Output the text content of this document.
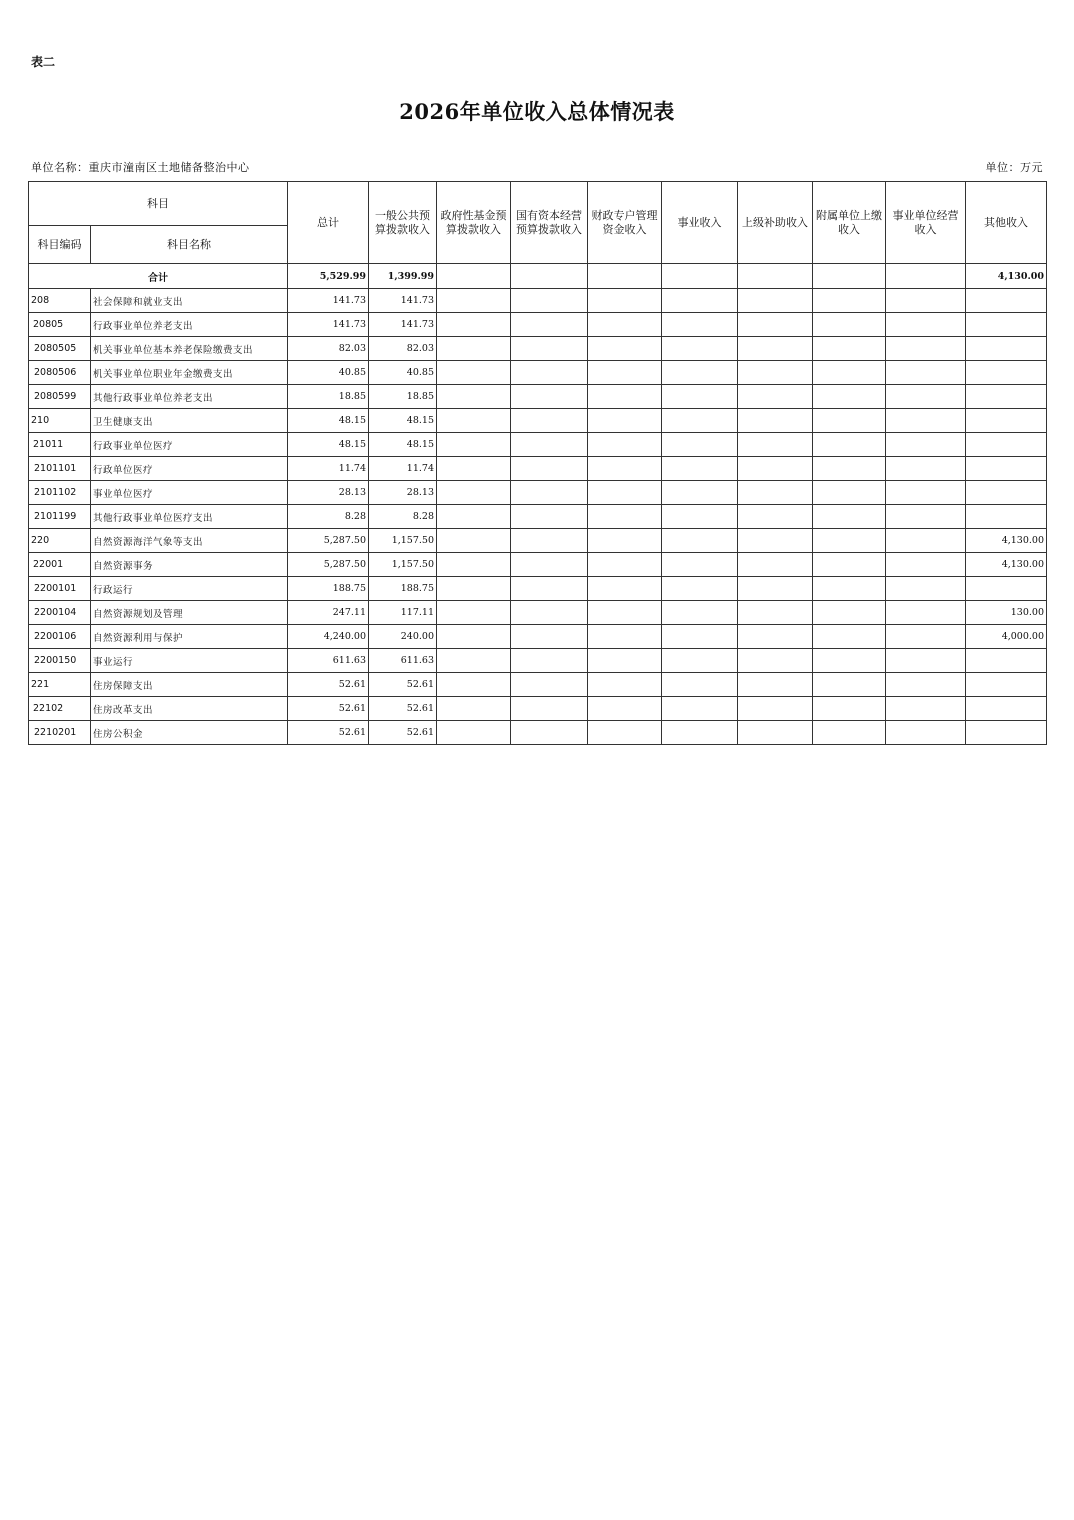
表二
2026年单位收入总体情况表
单位名称：重庆市潼南区土地储备整治中心	单位：万元
科目		总计	一般公共预算拨款收入	政府性基金预算拨款收入	国有资本经营预算拨款收入	财政专户管理资金收入	事业收入	上级补助收入	附属单位上缴收入	事业单位经营收入	其他收入
科目编码	科目名称										
合计		5,529.99	1,399.99								4,130.00
208	社会保障和就业支出	141.73	141.73								
20805	行政事业单位养老支出	141.73	141.73								
2080505	机关事业单位基本养老保险缴费支出	82.03	82.03								
2080506	机关事业单位职业年金缴费支出	40.85	40.85								
2080599	其他行政事业单位养老支出	18.85	18.85								
210	卫生健康支出	48.15	48.15								
21011	行政事业单位医疗	48.15	48.15								
2101101	行政单位医疗	11.74	11.74								
2101102	事业单位医疗	28.13	28.13								
2101199	其他行政事业单位医疗支出	8.28	8.28								
220	自然资源海洋气象等支出	5,287.50	1,157.50								4,130.00
22001	自然资源事务	5,287.50	1,157.50								4,130.00
2200101	行政运行	188.75	188.75								
2200104	自然资源规划及管理	247.11	117.11								130.00
2200106	自然资源利用与保护	4,240.00	240.00								4,000.00
2200150	事业运行	611.63	611.63								
221	住房保障支出	52.61	52.61								
22102	住房改革支出	52.61	52.61								
2210201	住房公积金	52.61	52.61								
